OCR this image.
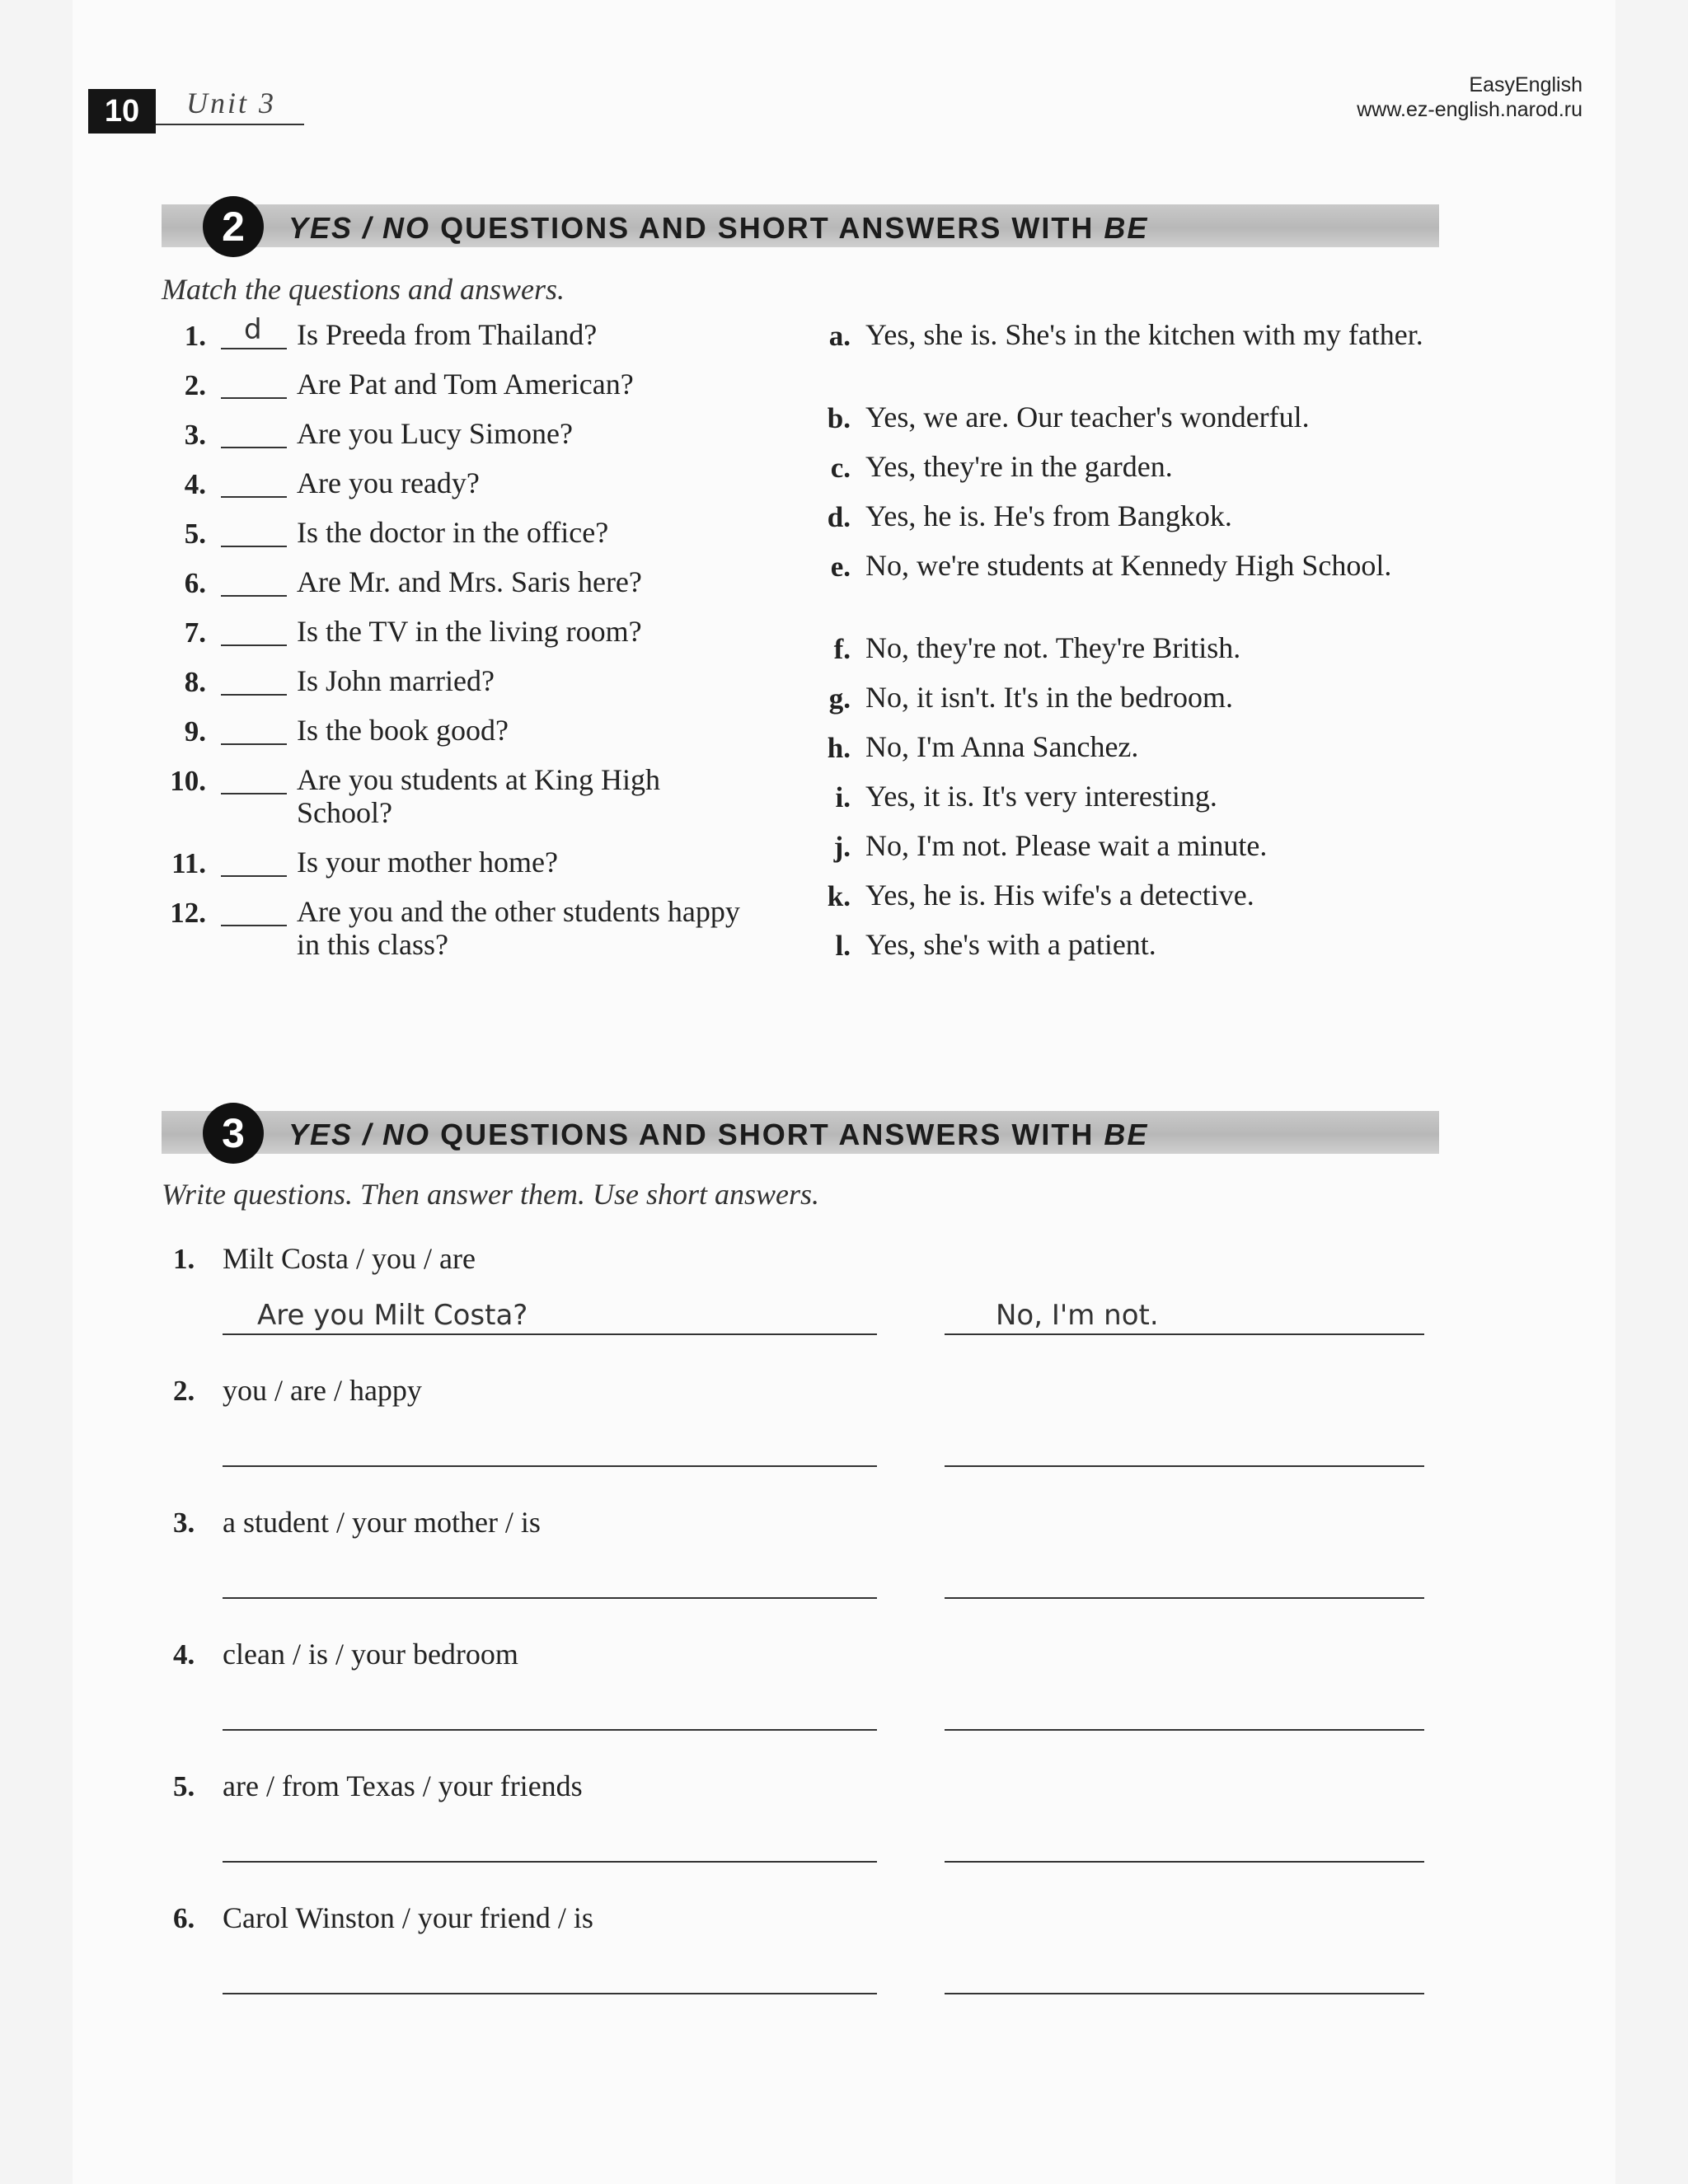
10	Unit 3
EasyEnglish
www.ez-english.narod.ru
2	YES / NO QUESTIONS AND SHORT ANSWERS WITH BE
Match the questions and answers.
1. d Is Preeda from Thailand?
2.	Are Pat and Tom American?
3.	Are you Lucy Simone?
4.	Are you ready?
5.	Is the doctor in the office?
6.	Are Mr. and Mrs. Saris here?
7.	Is the TV in the living room?
8.	Is John married?
9.	Is the book good?
10.	Are you students at King High School?
11.	Is your mother home?
12.	Are you and the other students happy in this class?
a. Yes, she is. She's in the kitchen with my father.
b. Yes, we are. Our teacher's wonderful.
c. Yes, they're in the garden.
d. Yes, he is. He's from Bangkok.
e. No, we're students at Kennedy High School.
f. No, they're not. They're British.
g. No, it isn't. It's in the bedroom.
h. No, I'm Anna Sanchez.
i. Yes, it is. It's very interesting.
j. No, I'm not. Please wait a minute.
k. Yes, he is. His wife's a detective.
l. Yes, she's with a patient.
3	YES / NO QUESTIONS AND SHORT ANSWERS WITH BE
Write questions. Then answer them. Use short answers.
1. Milt Costa / you / are
Are you Milt Costa?	No, I'm not.
2. you / are / happy
3. a student / your mother / is
4. clean / is / your bedroom
5. are / from Texas / your friends
6. Carol Winston / your friend / is
